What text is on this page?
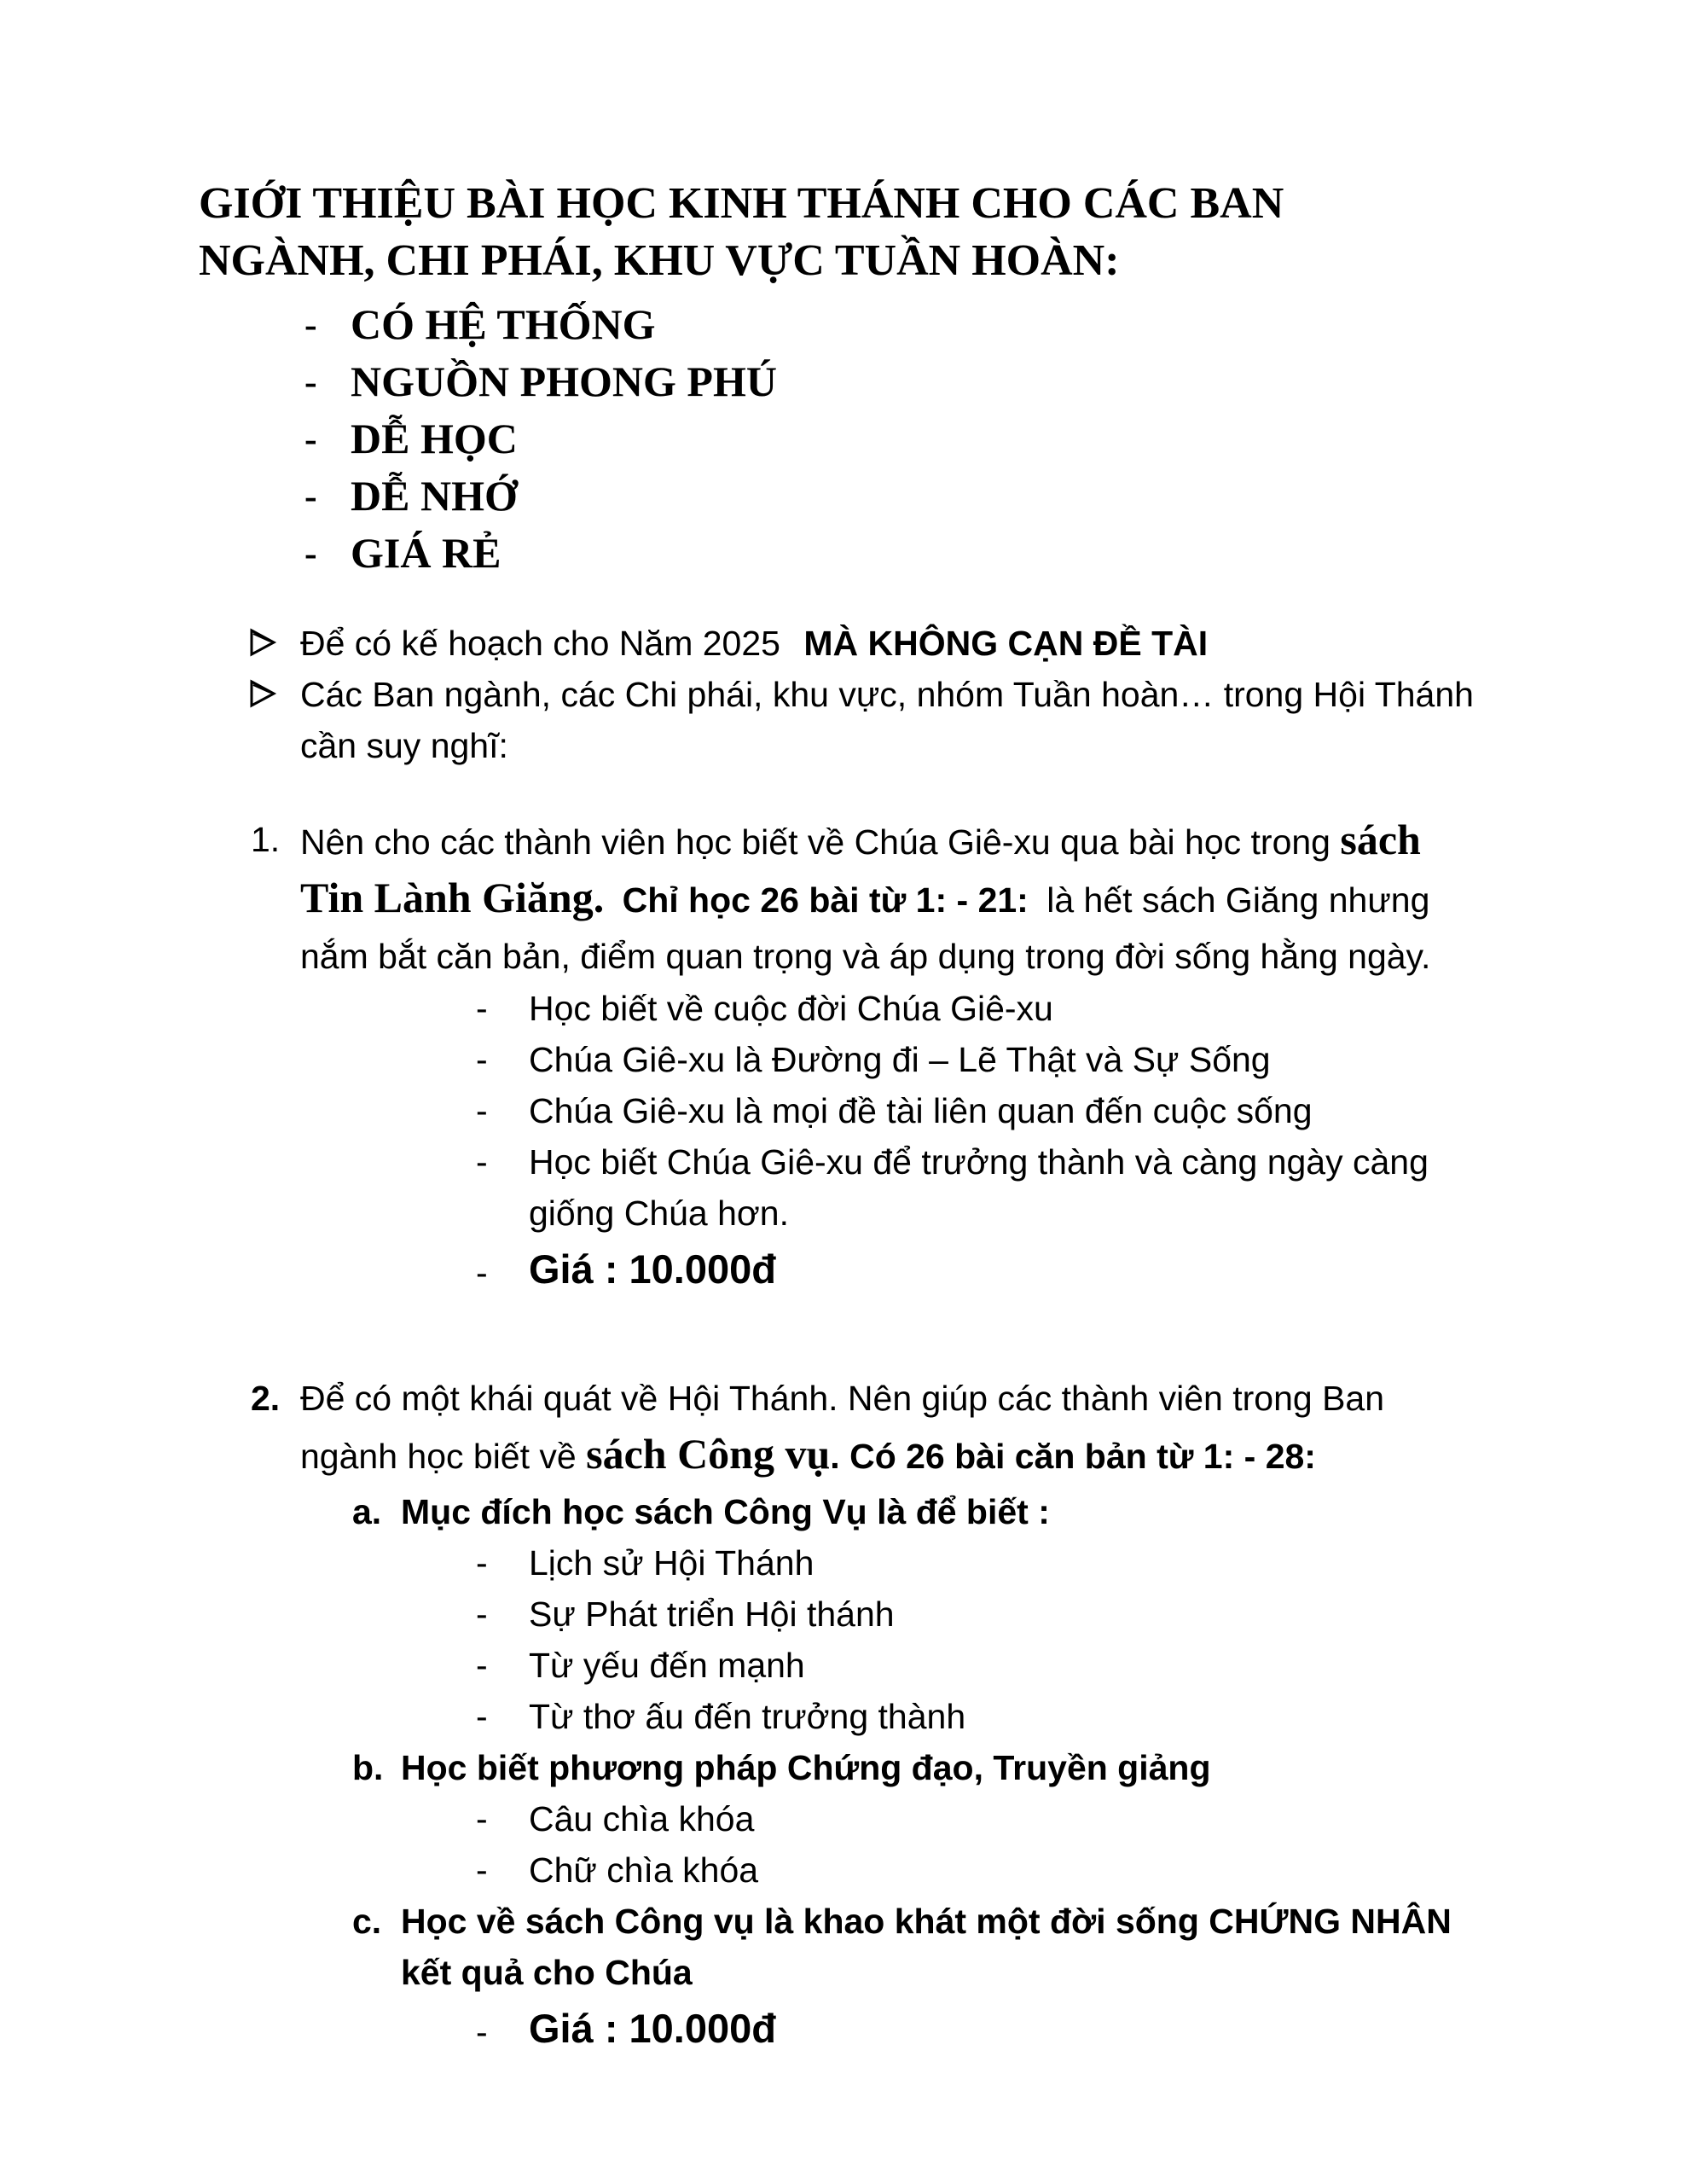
GIỚI THIỆU BÀI HỌC KINH THÁNH CHO CÁC BAN
NGÀNH, CHI PHÁI, KHU VỰC TUẦN HOÀN:
- CÓ HỆ THỐNG
- NGUỒN PHONG PHÚ
- DỄ HỌC
- DỄ NHỚ
- GIÁ RẺ
Để có kế hoạch cho Năm 2025 MÀ KHÔNG CẠN ĐỀ TÀI
Các Ban ngành, các Chi phái, khu vực, nhóm Tuần hoàn… trong Hội Thánh
cần suy nghĩ:
1. Nên cho các thành viên học biết về Chúa Giê-xu qua bài học trong sách
Tin Lành Giăng. Chỉ học 26 bài từ 1: - 21: là hết sách Giăng nhưng
nắm bắt căn bản, điểm quan trọng và áp dụng trong đời sống hằng ngày.
- Học biết về cuộc đời Chúa Giê-xu
- Chúa Giê-xu là Đường đi – Lẽ Thật và Sự Sống
- Chúa Giê-xu là mọi đề tài liên quan đến cuộc sống
- Học biết Chúa Giê-xu để trưởng thành và càng ngày càng
giống Chúa hơn.
- Giá : 10.000đ
2. Để có một khái quát về Hội Thánh. Nên giúp các thành viên trong Ban
ngành học biết về sách Công vụ. Có 26 bài căn bản từ 1: - 28:
a. Mục đích học sách Công Vụ là để biết :
- Lịch sử Hội Thánh
- Sự Phát triển Hội thánh
- Từ yếu đến mạnh
- Từ thơ ấu đến trưởng thành
b. Học biết phương pháp Chứng đạo, Truyền giảng
- Câu chìa khóa
- Chữ chìa khóa
c. Học về sách Công vụ là khao khát một đời sống CHỨNG NHÂN
kết quả cho Chúa
- Giá : 10.000đ
